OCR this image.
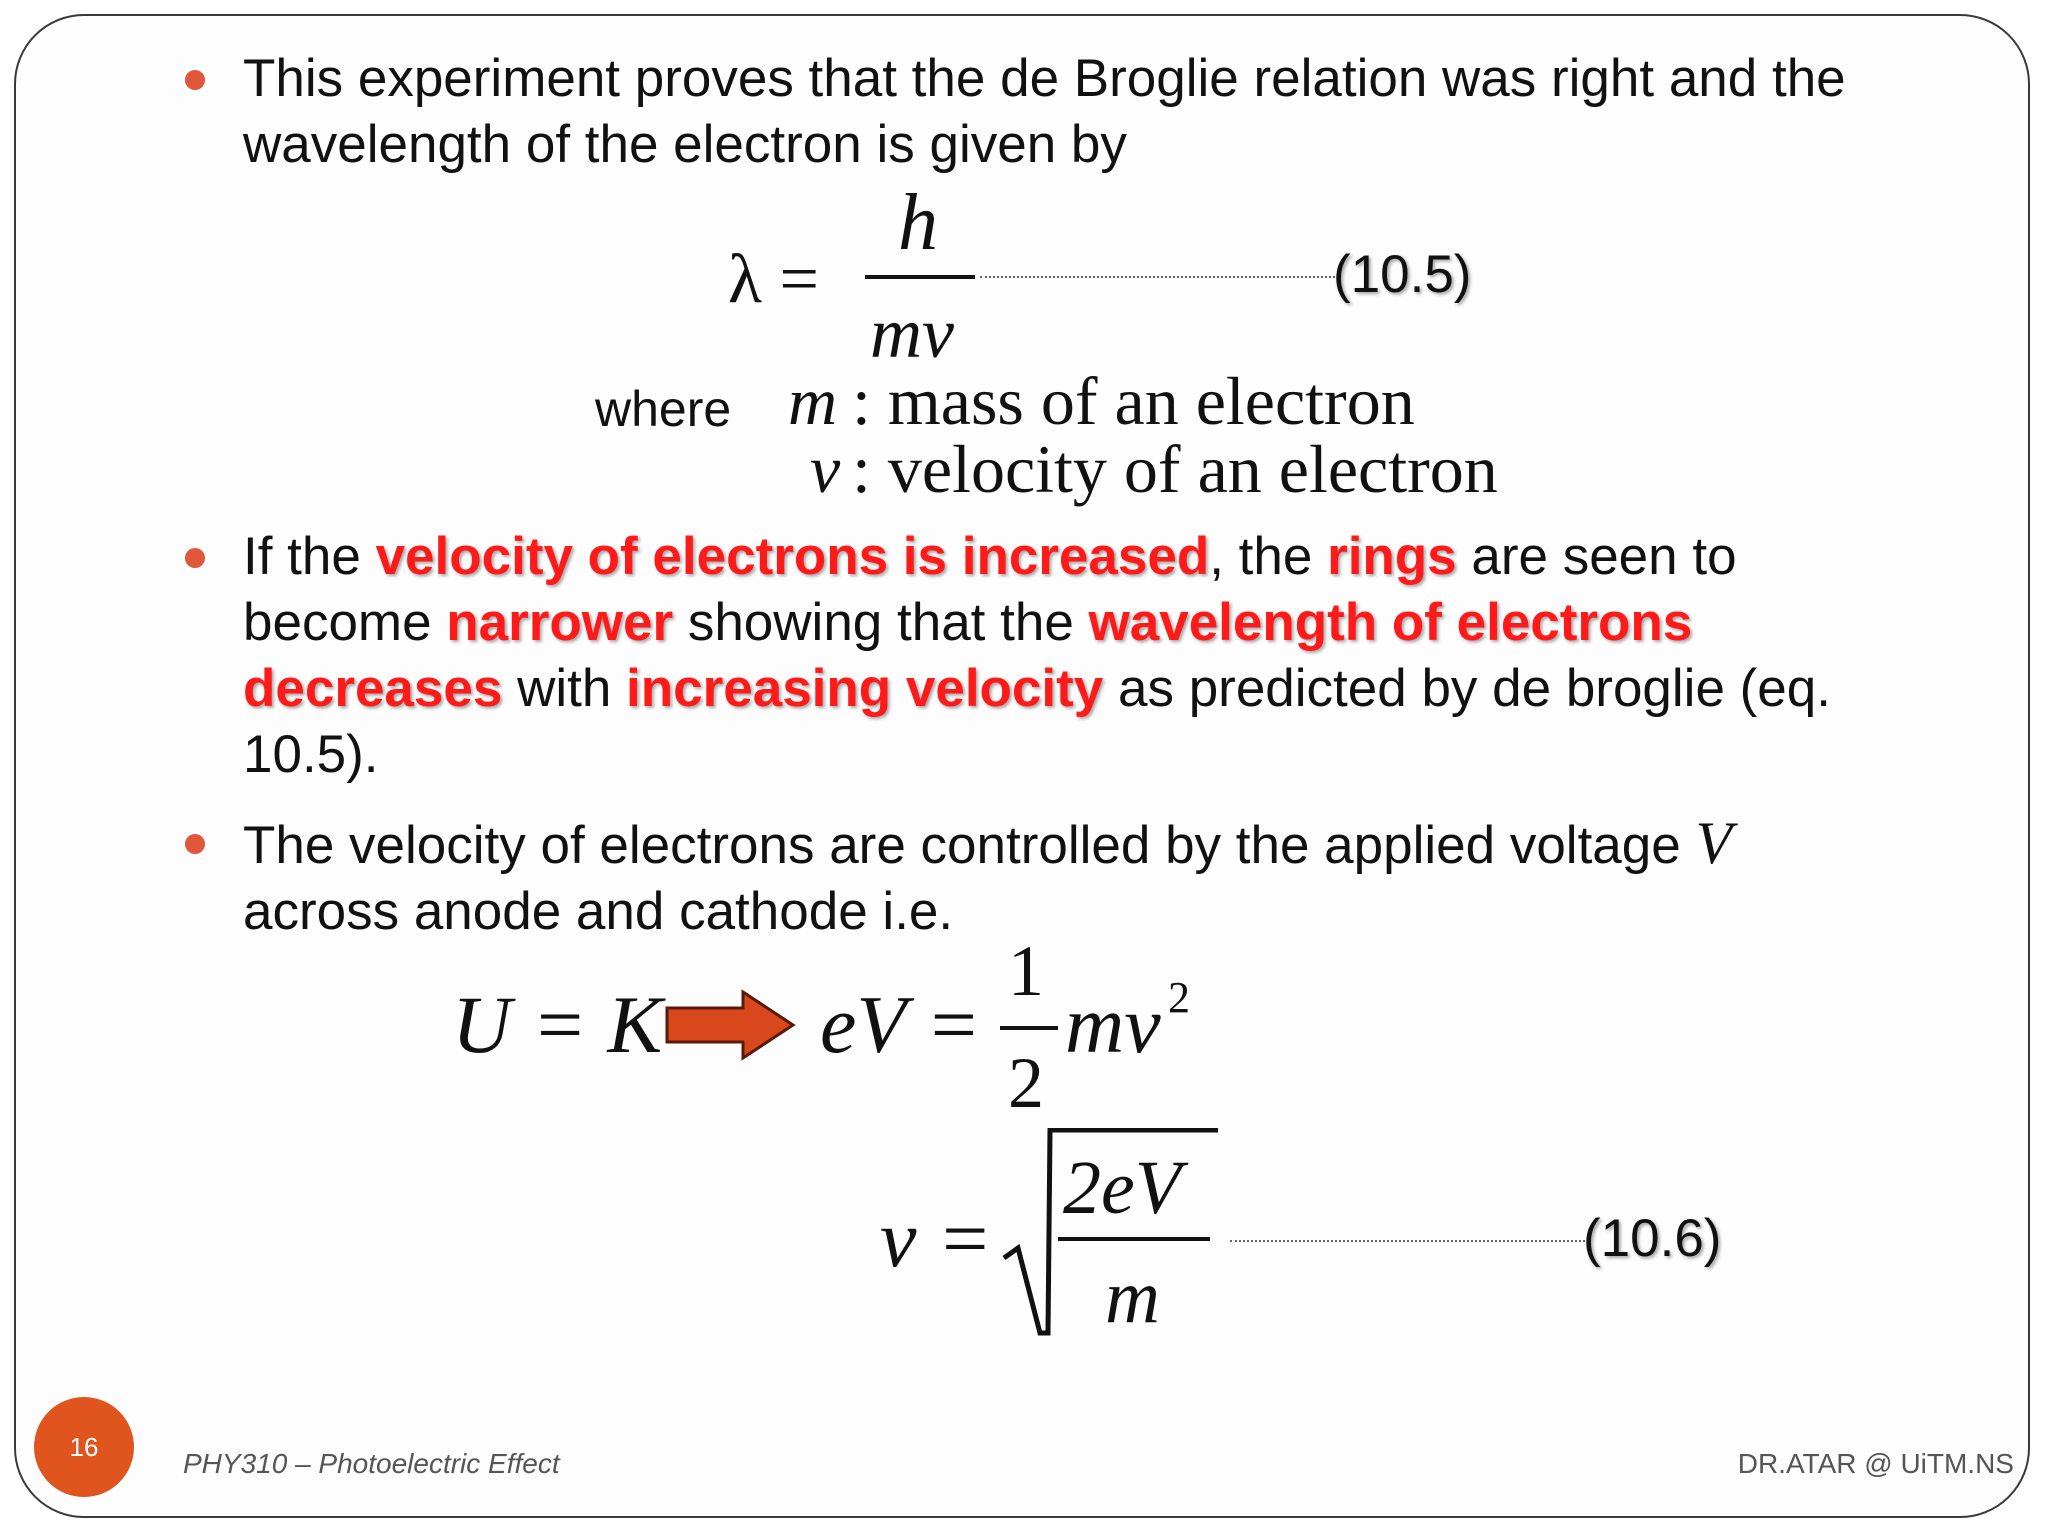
This experiment proves that the de Broglie relation was right and the wavelength of the electron is given by
λ =
h
mv
(10.5)
where m : mass of an electron
v : velocity of an electron
If the velocity of electrons is increased, the rings are seen to become narrower showing that the wavelength of electrons decreases with increasing velocity as predicted by de broglie (eq. 10.5).
The velocity of electrons are controlled by the applied voltage V
across anode and cathode i.e.
U = K eV =
1
2
mv 2
v =
2eV
m
(10.6)
16
PHY310 – Photoelectric Effect	DR.ATAR @ UiTM.NS
